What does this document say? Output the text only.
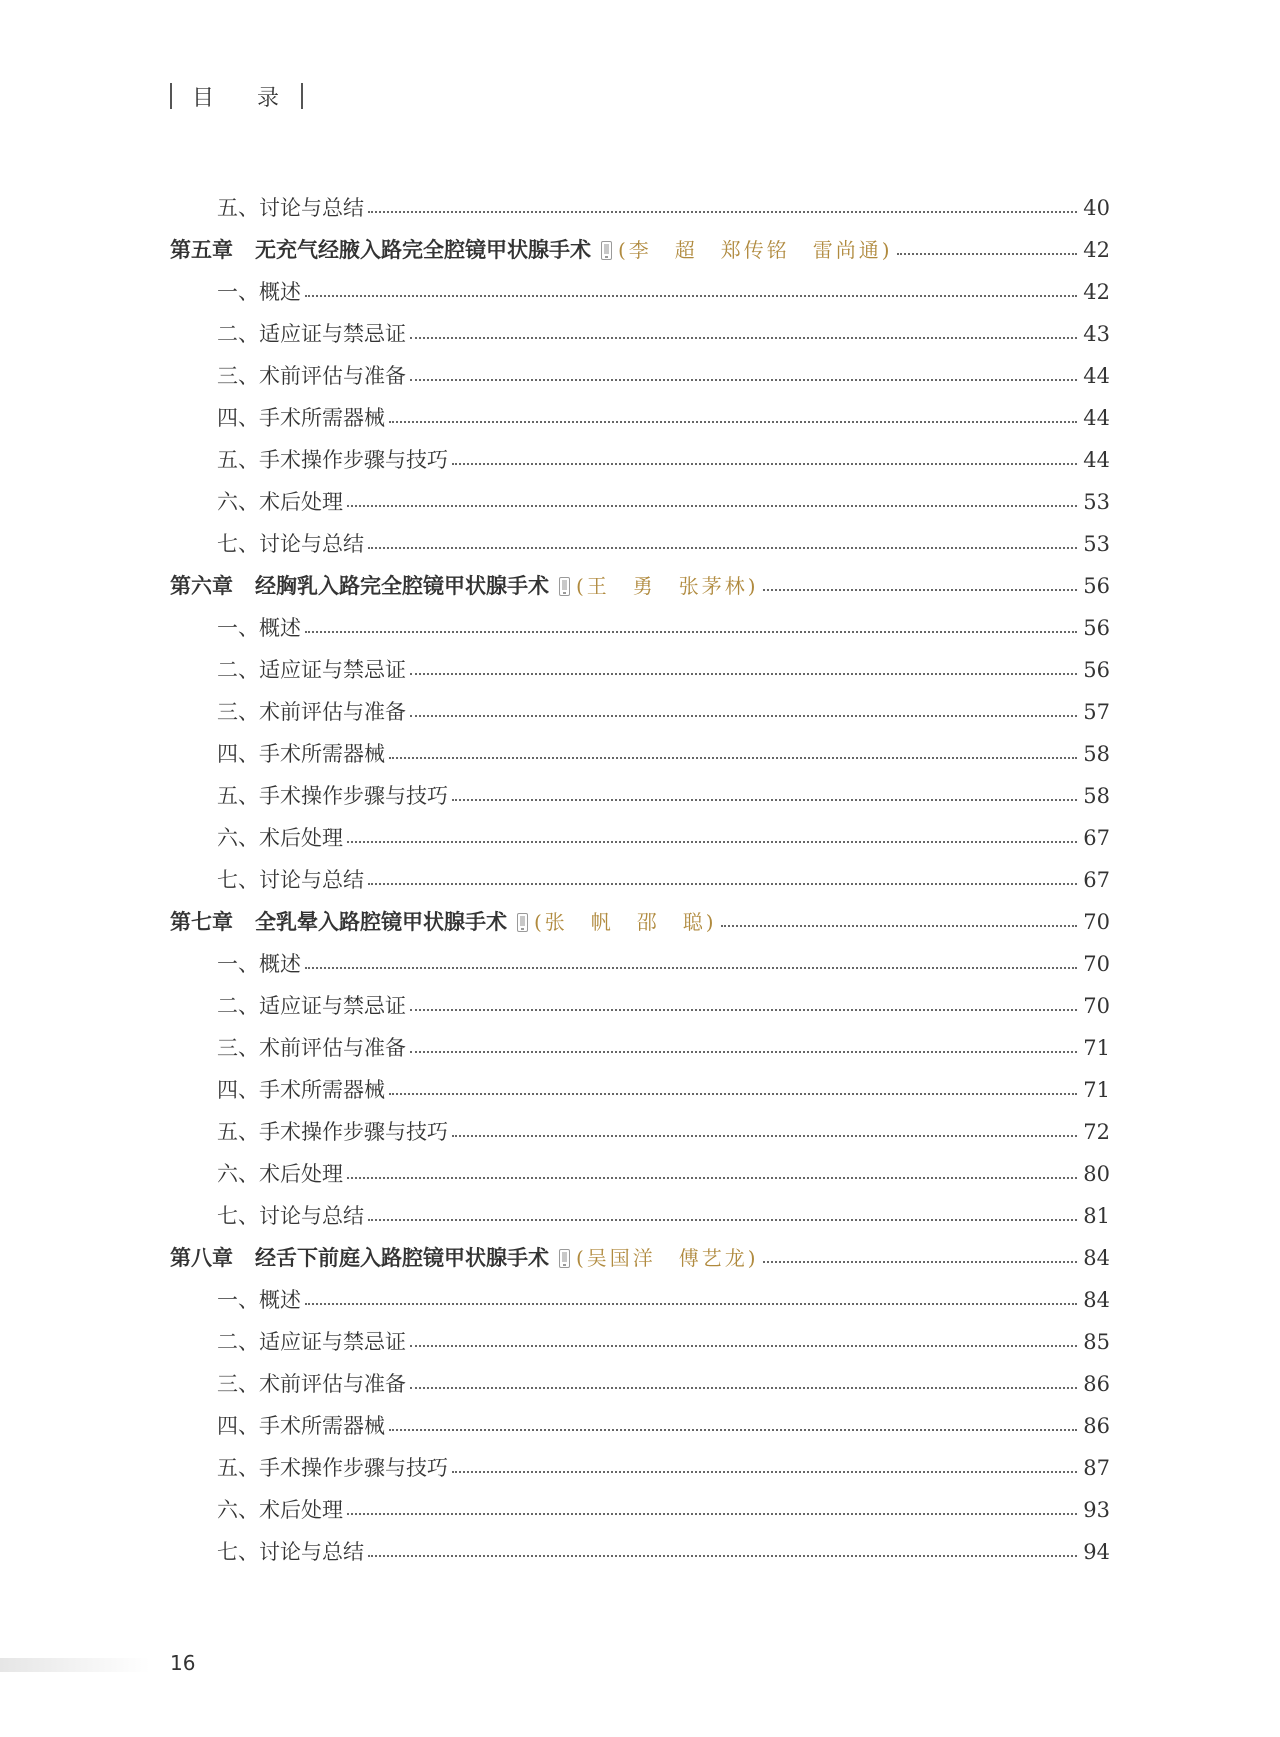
目 录
五、讨论与总结	40
第五章 无充气经腋入路完全腔镜甲状腺手术 (李　超　郑传铭　雷尚通)	42
一、概述	42
二、适应证与禁忌证	43
三、术前评估与准备	44
四、手术所需器械	44
五、手术操作步骤与技巧	44
六、术后处理	53
七、讨论与总结	53
第六章 经胸乳入路完全腔镜甲状腺手术 (王　勇　张茅林)	56
一、概述	56
二、适应证与禁忌证	56
三、术前评估与准备	57
四、手术所需器械	58
五、手术操作步骤与技巧	58
六、术后处理	67
七、讨论与总结	67
第七章 全乳晕入路腔镜甲状腺手术 (张　帆　邵　聪)	70
一、概述	70
二、适应证与禁忌证	70
三、术前评估与准备	71
四、手术所需器械	71
五、手术操作步骤与技巧	72
六、术后处理	80
七、讨论与总结	81
第八章 经舌下前庭入路腔镜甲状腺手术 (吴国洋　傅艺龙)	84
一、概述	84
二、适应证与禁忌证	85
三、术前评估与准备	86
四、手术所需器械	86
五、手术操作步骤与技巧	87
六、术后处理	93
七、讨论与总结	94
16
